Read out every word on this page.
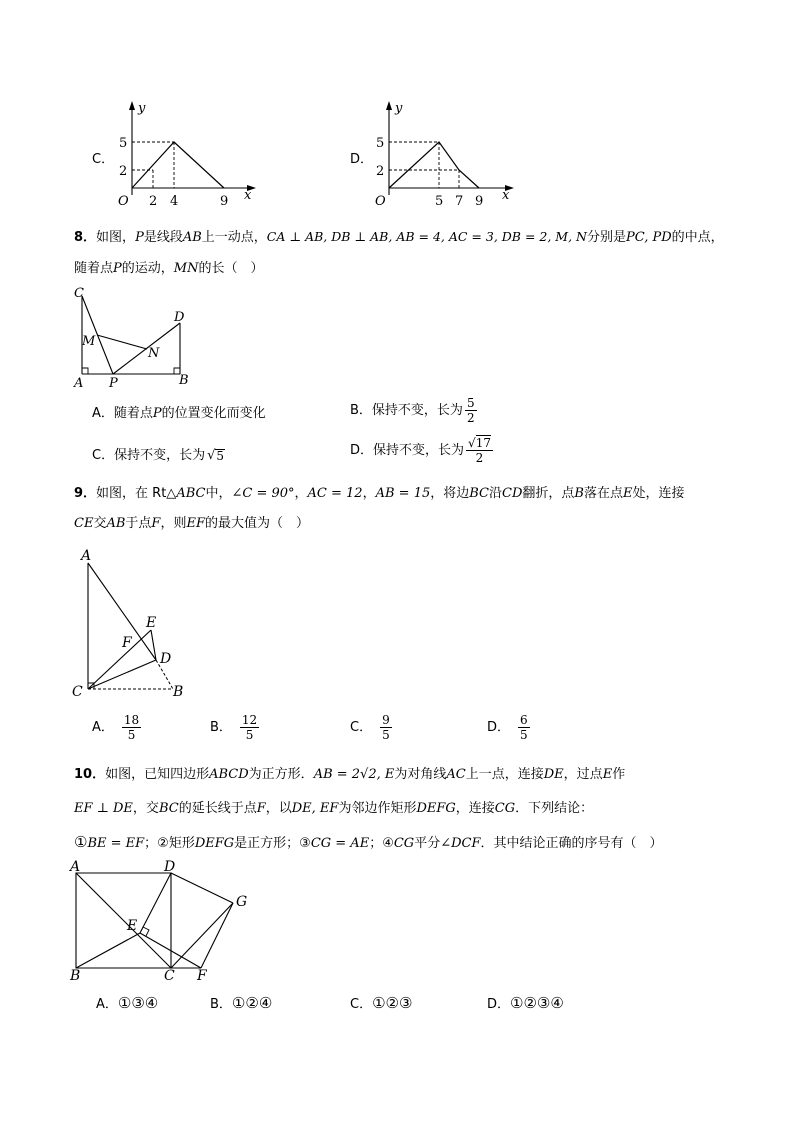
C．
y
x
O
5
2
2 4	9
D．
y
x
O
5
2
5 7 9
8．如图，P是线段AB上一动点，CA ⊥ AB, DB ⊥ AB, AB = 4, AC = 3, DB = 2, M, N分别是PC, PD的中点，
随着点P的运动，MN的长（　）
C
D
M
N
A P	B
A．随着点P的位置变化而变化	B． 保持不变，长为 $\frac{5}{2}$
C． 保持不变，长为 √ 5	D． 保持不变，长为 $\frac{√17}{2}$
9．如图，在 Rt△ABC中，∠C = 90°，AC = 12，AB = 15，将边BC沿CD翻折，点B落在点E处，连接
CE交AB于点F，则EF的最大值为（　）
A
E
F
D
C	B
A． $\frac{18}{5}$	B． $\frac{12}{5}$	C． $\frac{9}{5}$	D． $\frac{6}{5}$
10．如图，已知四边形ABCD为正方形．AB = 2√2, E为对角线AC上一点，连接DE，过点E作
EF ⊥ DE，交BC的延长线于点F，以DE, EF为邻边作矩形DEFG，连接CG．下列结论：
①BE = EF；②矩形DEFG是正方形；③CG = AE；④CG平分∠DCF．其中结论正确的序号有（　）
A	D
G
E
B	C F
A．①③④	B．①②④	C．①②③	D．①②③④
